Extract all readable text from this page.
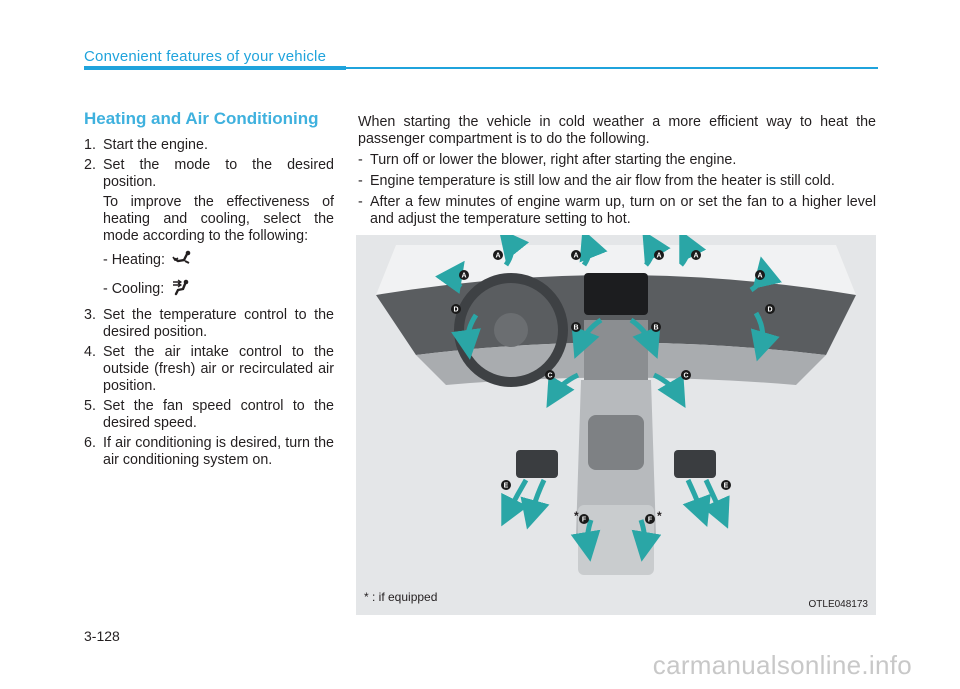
Convenient features of your vehicle
Heating and Air Conditioning
1. Start the engine.
2. Set the mode to the desired position.
To improve the effectiveness of heating and cooling, select the mode according to the following:
- Heating:
- Cooling:
3. Set the temperature control to the desired position.
4. Set the air intake control to the outside (fresh) air or recirculated air position.
5. Set the fan speed control to the desired speed.
6. If air conditioning is desired, turn the air conditioning system on.

When starting the vehicle in cold weather a more efficient way to heat the passenger compartment is to do the following.

- Turn off or lower the blower, right after starting the engine.
- Engine temperature is still low and the air flow from the heater is still cold.
- After a few minutes of engine warm up, turn on or set the fan to a higher level and adjust the temperature setting to hot.
A	A	A	A
A	A
D	D
B	B
C	C
E	E
F	F
*	*
* : if equipped
OTLE048173
3-128
carmanualsonline.info
